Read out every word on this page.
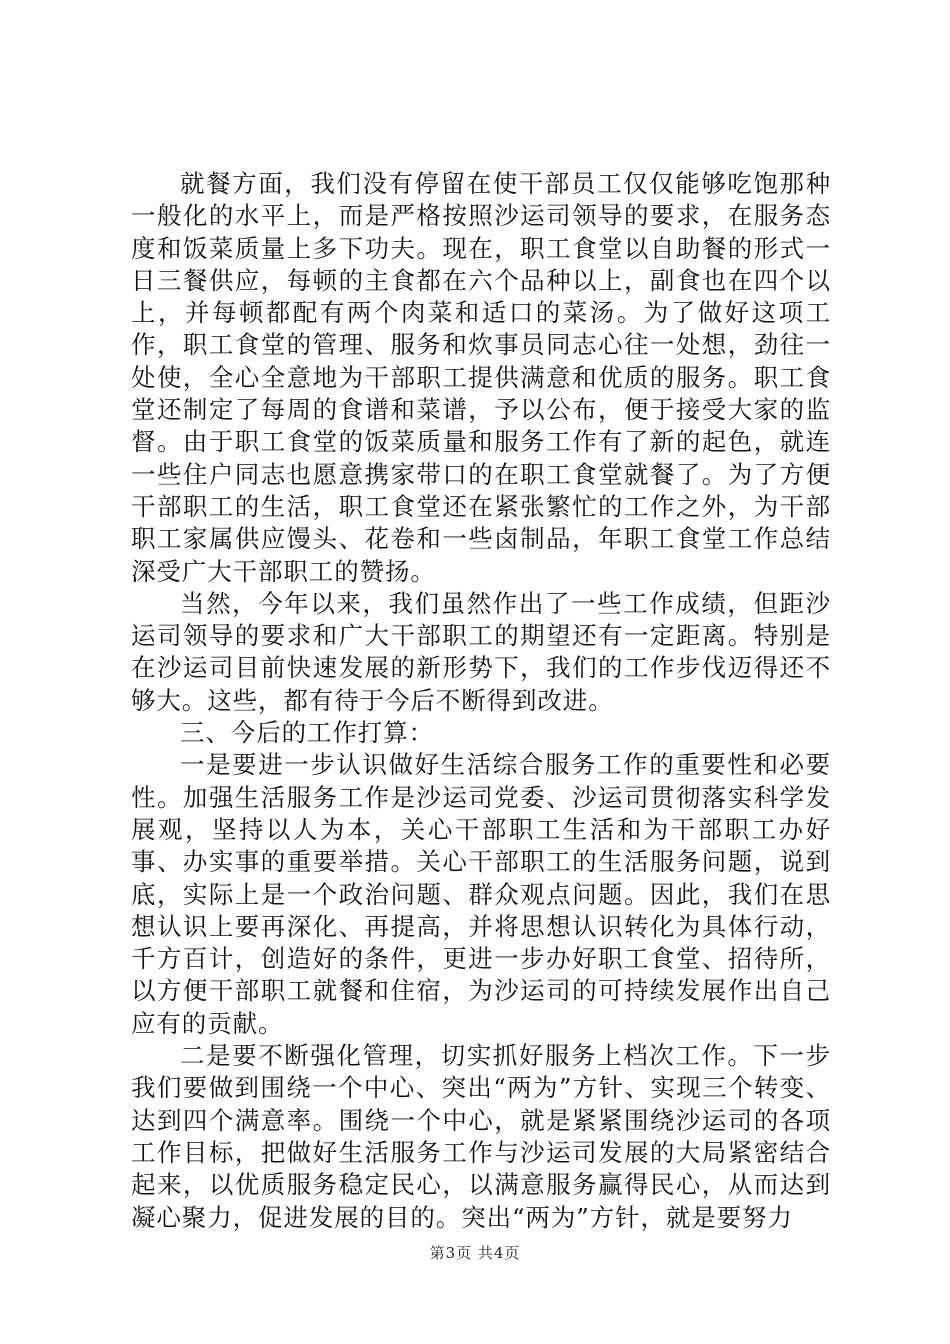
就餐方面，我们没有停留在使干部员工仅仅能够吃饱那种一般化的水平上，而是严格按照沙运司领导的要求，在服务态度和饭菜质量上多下功夫。现在，职工食堂以自助餐的形式一日三餐供应，每顿的主食都在六个品种以上，副食也在四个以上，并每顿都配有两个肉菜和适口的菜汤。为了做好这项工作，职工食堂的管理、服务和炊事员同志心往一处想，劲往一处使，全心全意地为干部职工提供满意和优质的服务。职工食堂还制定了每周的食谱和菜谱，予以公布，便于接受大家的监督。由于职工食堂的饭菜质量和服务工作有了新的起色，就连一些住户同志也愿意携家带口的在职工食堂就餐了。为了方便干部职工的生活，职工食堂还在紧张繁忙的工作之外，为干部职工家属供应馒头、花卷和一些卤制品，年职工食堂工作总结深受广大干部职工的赞扬。

当然，今年以来，我们虽然作出了一些工作成绩，但距沙运司领导的要求和广大干部职工的期望还有一定距离。特别是在沙运司目前快速发展的新形势下，我们的工作步伐迈得还不够大。这些，都有待于今后不断得到改进。

三、今后的工作打算：

一是要进一步认识做好生活综合服务工作的重要性和必要性。加强生活服务工作是沙运司党委、沙运司贯彻落实科学发展观，坚持以人为本，关心干部职工生活和为干部职工办好事、办实事的重要举措。关心干部职工的生活服务问题，说到底，实际上是一个政治问题、群众观点问题。因此，我们在思想认识上要再深化、再提高，并将思想认识转化为具体行动，千方百计，创造好的条件，更进一步办好职工食堂、招待所，以方便干部职工就餐和住宿，为沙运司的可持续发展作出自己应有的贡献。

二是要不断强化管理，切实抓好服务上档次工作。下一步我们要做到围绕一个中心、突出“两为”方针、实现三个转变、达到四个满意率。围绕一个中心，就是紧紧围绕沙运司的各项工作目标，把做好生活服务工作与沙运司发展的大局紧密结合起来，以优质服务稳定民心，以满意服务赢得民心，从而达到凝心聚力，促进发展的目的。突出“两为”方针，就是要努力

第3页 共4页
